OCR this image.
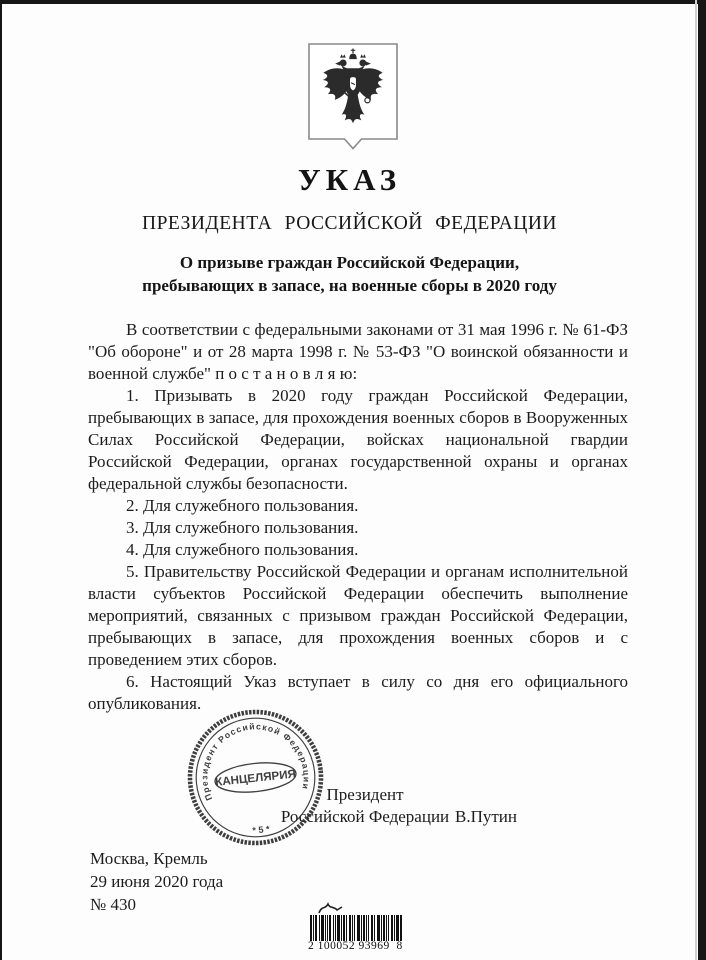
УКАЗ
ПРЕЗИДЕНТА РОССИЙСКОЙ ФЕДЕРАЦИИ
О призыве граждан Российской Федерации,
пребывающих в запасе, на военные сборы в 2020 году

В соответствии с федеральными законами от 31 мая 1996 г. № 61-ФЗ "Об обороне" и от 28 марта 1998 г. № 53-ФЗ "О воинской обязанности и военной службе" п о с т а н о в л я ю:

1. Призывать в 2020 году граждан Российской Федерации, пребывающих в запасе, для прохождения военных сборов в Вооруженных Силах Российской Федерации, войсках национальной гвардии Российской Федерации, органах государственной охраны и органах федеральной службы безопасности.

2. Для служебного пользования.

3. Для служебного пользования.

4. Для служебного пользования.

5. Правительству Российской Федерации и органам исполнительной власти субъектов Российской Федерации обеспечить выполнение мероприятий, связанных с призывом граждан Российской Федерации, пребывающих в запасе, для прохождения военных сборов и с проведением этих сборов.

6. Настоящий Указ вступает в силу со дня его официального опубликования.

Президент
Российской Федерации В.Путин
Президент Российской Федерации
КАНЦЕЛЯРИЯ
* 5 *
Москва, Кремль
29 июня 2020 года
№ 430
2 100052 93969  8
